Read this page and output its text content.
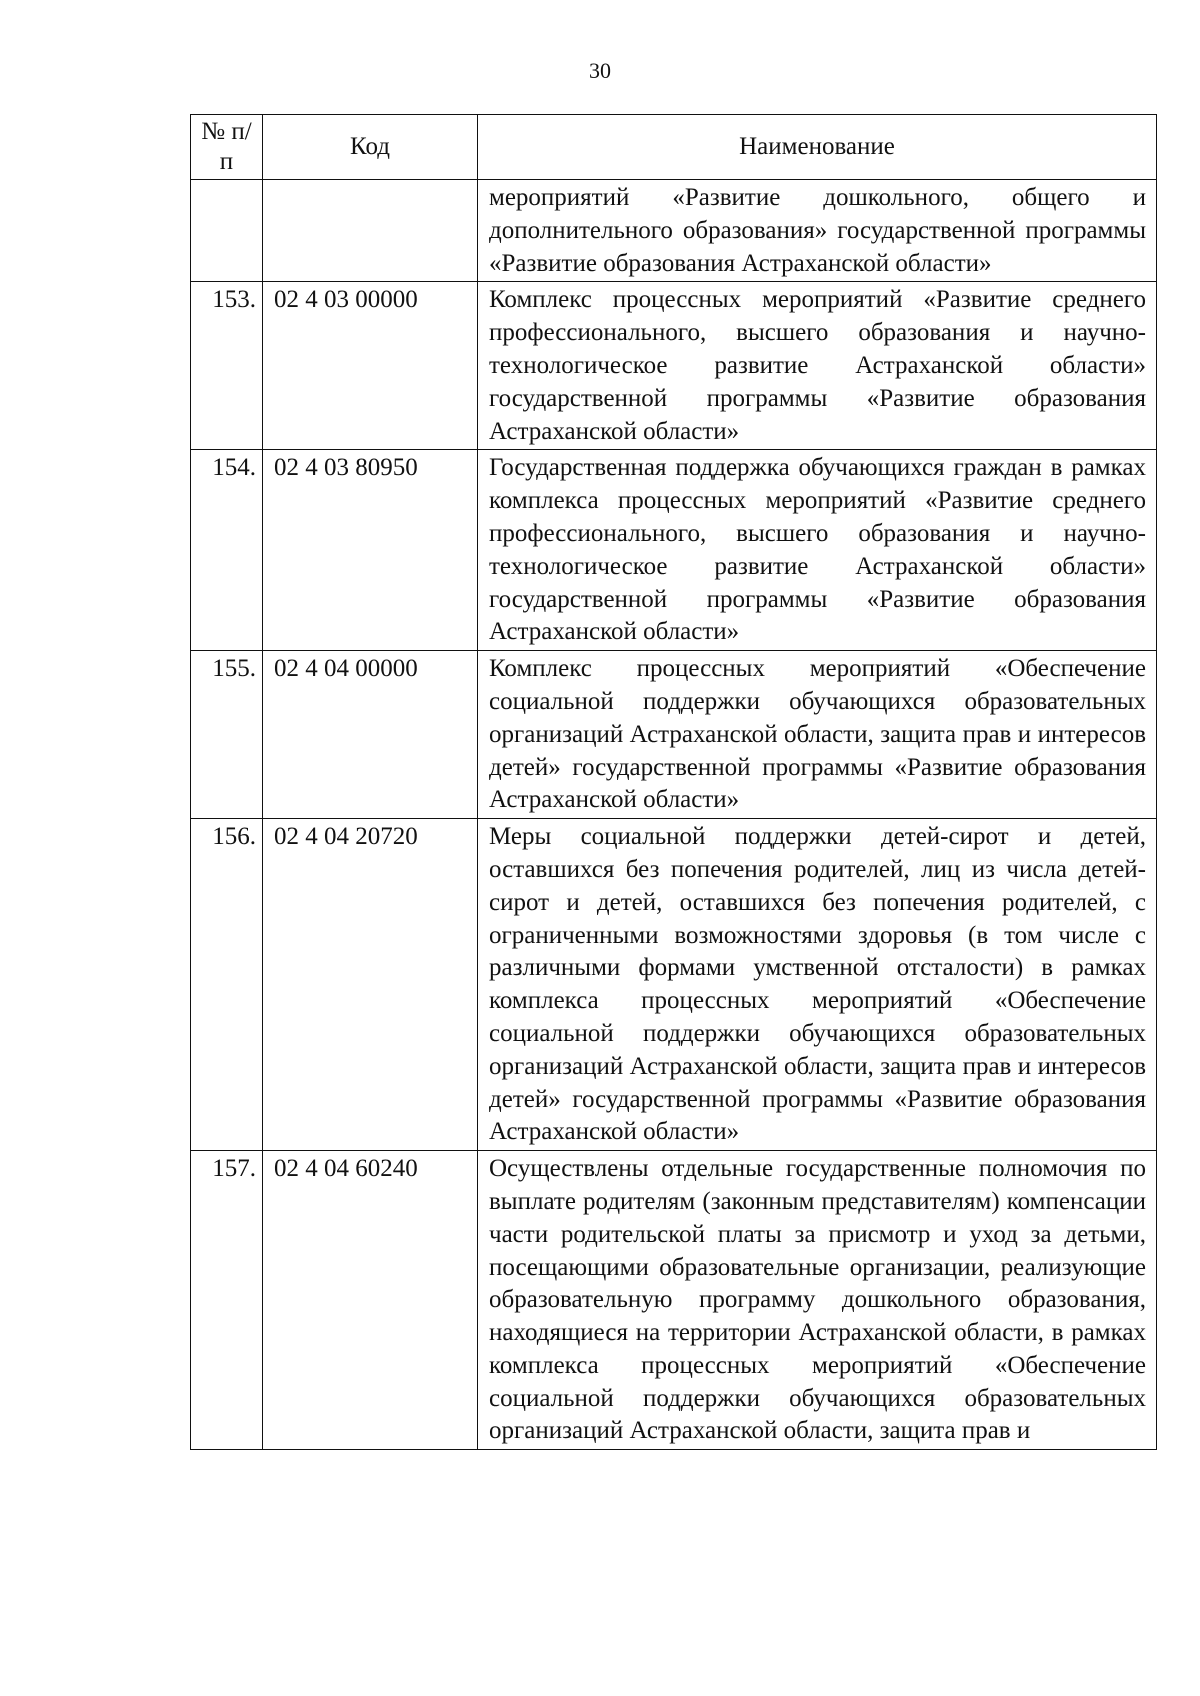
30
№ п/п	Код	Наименование
		мероприятий «Развитие дошкольного, общего и дополнительного образования» государственной программы «Развитие образования Астраханской области»
153.	02 4 03 00000	Комплекс процессных мероприятий «Развитие среднего профессионального, высшего образования и научно-технологическое развитие Астраханской области» государственной программы «Развитие образования Астраханской области»
154.	02 4 03 80950	Государственная поддержка обучающихся граждан в рамках комплекса процессных мероприятий «Развитие среднего профессионального, высшего образования и научно-технологическое развитие Астраханской области» государственной программы «Развитие образования Астраханской области»
155.	02 4 04 00000	Комплекс процессных мероприятий «Обеспечение социальной поддержки обучающихся образовательных организаций Астраханской области, защита прав и интересов детей» государственной программы «Развитие образования Астраханской области»
156.	02 4 04 20720	Меры социальной поддержки детей-сирот и детей, оставшихся без попечения родителей, лиц из числа детей-сирот и детей, оставшихся без попечения родителей, с ограниченными возможностями здоровья (в том числе с различными формами умственной отсталости) в рамках комплекса процессных мероприятий «Обеспечение социальной поддержки обучающихся образовательных организаций Астраханской области, защита прав и интересов детей» государственной программы «Развитие образования Астраханской области»
157.	02 4 04 60240	Осуществлены отдельные государственные полномочия по выплате родителям (законным представителям) компенсации части родительской платы за присмотр и уход за детьми, посещающими образовательные организации, реализующие образовательную программу дошкольного образования, находящиеся на территории Астраханской области, в рамках комплекса процессных мероприятий «Обеспечение социальной поддержки обучающихся образовательных организаций Астраханской области, защита прав и
